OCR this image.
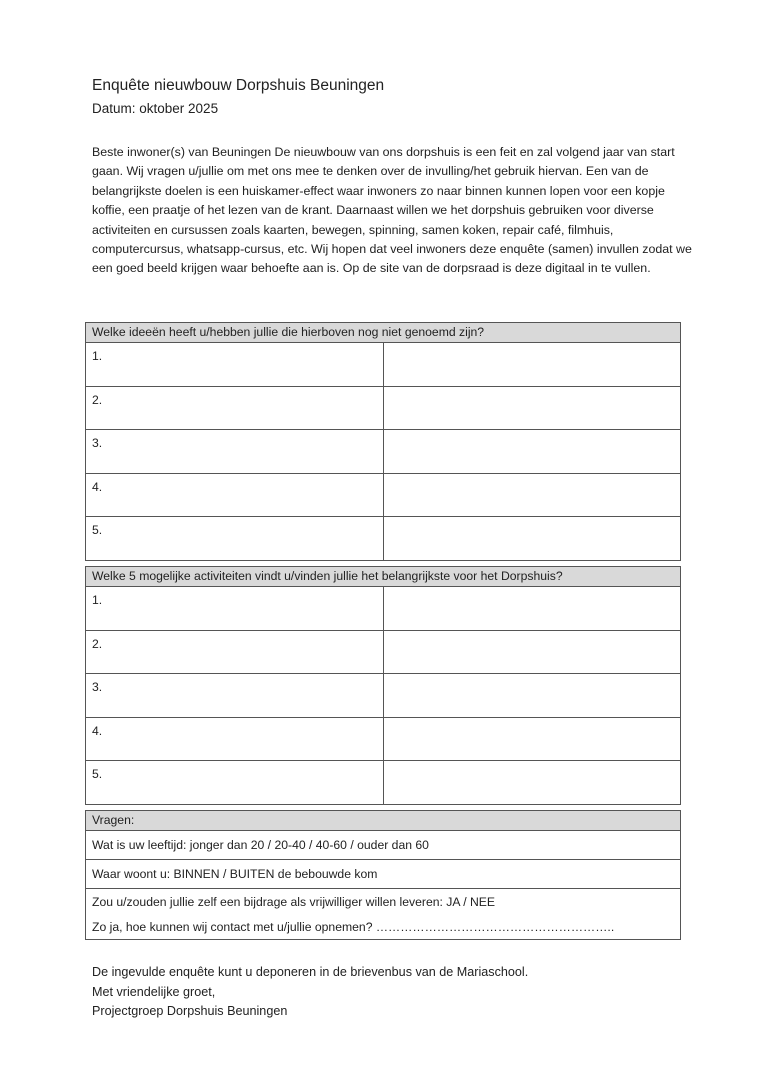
Enquête nieuwbouw Dorpshuis Beuningen
Datum: oktober 2025

Beste inwoner(s) van Beuningen De nieuwbouw van ons dorpshuis is een feit en zal volgend jaar van start gaan. Wij vragen u/jullie om met ons mee te denken over de invulling/het gebruik hiervan. Een van de belangrijkste doelen is een huiskamer-effect waar inwoners zo naar binnen kunnen lopen voor een kopje koffie, een praatje of het lezen van de krant. Daarnaast willen we het dorpshuis gebruiken voor diverse activiteiten en cursussen zoals kaarten, bewegen, spinning, samen koken, repair café, filmhuis, computercursus, whatsapp-cursus, etc. Wij hopen dat veel inwoners deze enquête (samen) invullen zodat we een goed beeld krijgen waar behoefte aan is. Op de site van de dorpsraad is deze digitaal in te vullen.

Welke ideeën heeft u/hebben jullie die hierboven nog niet genoemd zijn?	

1.	

2.	

3.	

4.	

5.	

Welke 5 mogelijke activiteiten vindt u/vinden jullie het belangrijkste voor het Dorpshuis?	

1.	

2.	

3.	

4.	

5.	

Vragen:
Wat is uw leeftijd: jonger dan 20 / 20-40 / 40-60 / ouder dan 60
Waar woont u: BINNEN / BUITEN de bebouwde kom

Zou u/zouden jullie zelf een bijdrage als vrijwilliger willen leveren: JA / NEE
Zo ja, hoe kunnen wij contact met u/jullie opnemen? …………………………………………………..
De ingevulde enquête kunt u deponeren in de brievenbus van de Mariaschool.
Met vriendelijke groet,
Projectgroep Dorpshuis Beuningen
